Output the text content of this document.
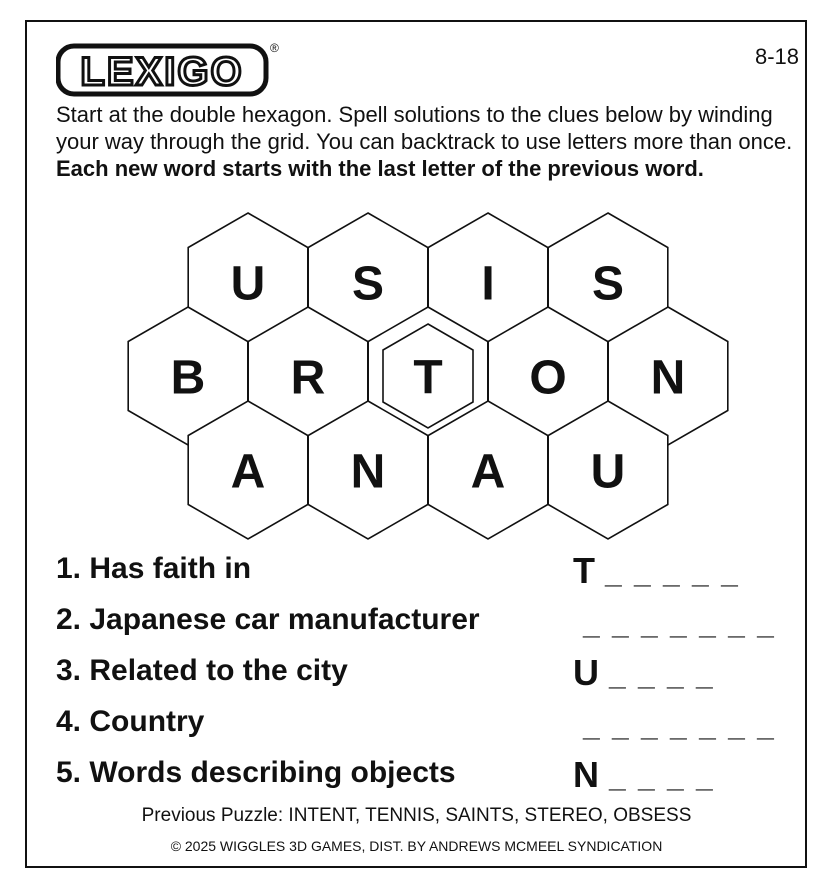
LEXIGO
®	8-18

Start at the double hexagon. Spell solutions to the clues below by winding your way through the grid. You can backtrack to use letters more than once. Each new word starts with the last letter of the previous word.

U S I S
B R T O N
A N A U
1. Has faith in	T _ _ _ _ _
2. Japanese car manufacturer	_ _ _ _ _ _ _
3. Related to the city	U _ _ _ _
4. Country	_ _ _ _ _ _ _
5. Words describing objects	N _ _ _ _
Previous Puzzle: INTENT, TENNIS, SAINTS, STEREO, OBSESS
© 2025 WIGGLES 3D GAMES, DIST. BY ANDREWS MCMEEL SYNDICATION
